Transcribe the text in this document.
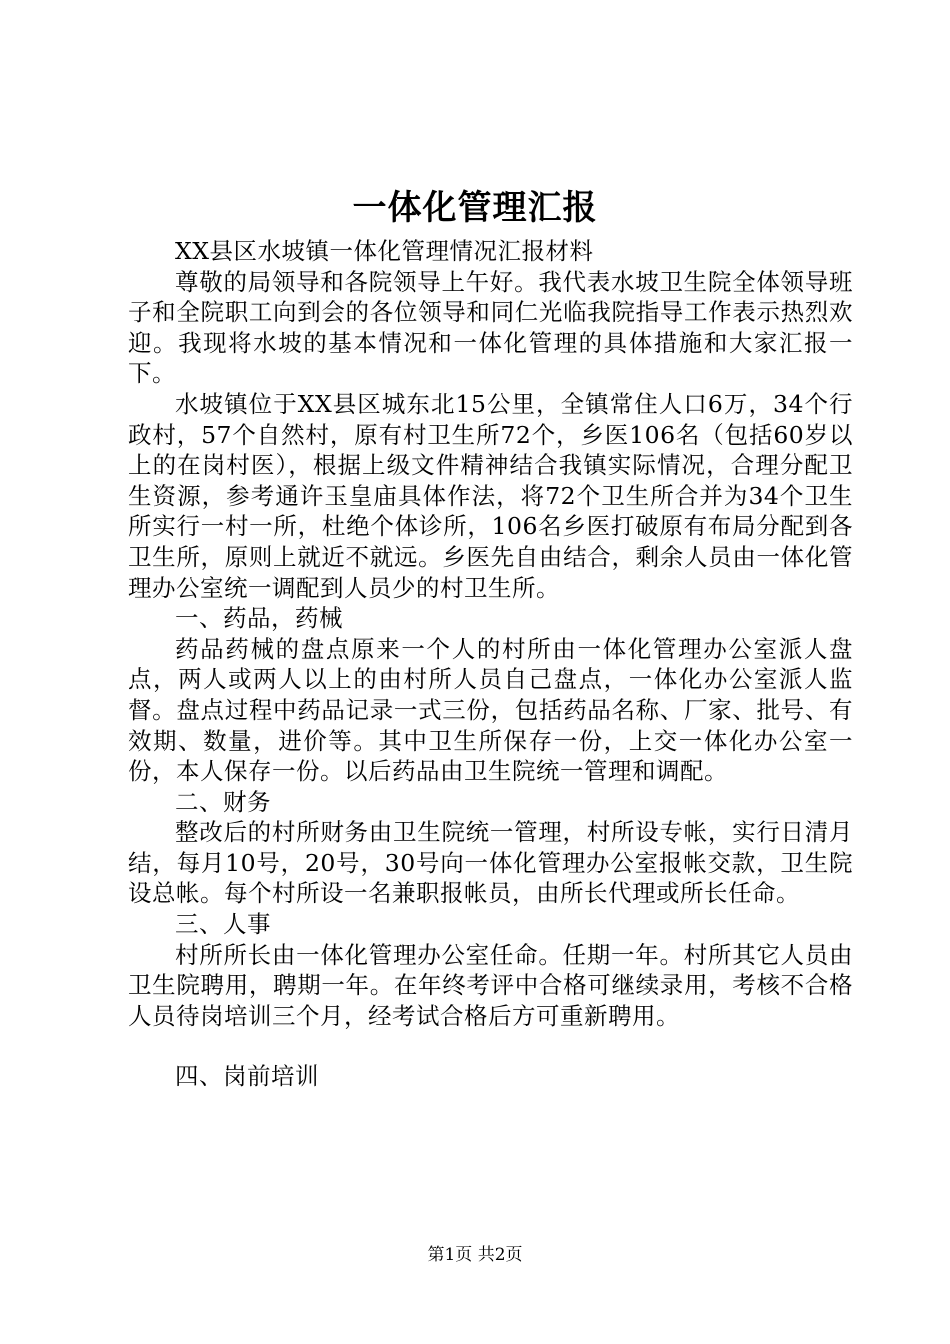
一体化管理汇报

XX县区水坡镇一体化管理情况汇报材料

尊敬的局领导和各院领导上午好。我代表水坡卫生院全体领导班子和全院职工向到会的各位领导和同仁光临我院指导工作表示热烈欢迎。我现将水坡的基本情况和一体化管理的具体措施和大家汇报一下。

水坡镇位于XX县区城东北15公里，全镇常住人口6万，34个行政村，57个自然村，原有村卫生所72个，乡医106名（包括60岁以上的在岗村医），根据上级文件精神结合我镇实际情况，合理分配卫生资源，参考通许玉皇庙具体作法，将72个卫生所合并为34个卫生所实行一村一所，杜绝个体诊所，106名乡医打破原有布局分配到各卫生所，原则上就近不就远。乡医先自由结合，剩余人员由一体化管理办公室统一调配到人员少的村卫生所。

一、药品，药械

药品药械的盘点原来一个人的村所由一体化管理办公室派人盘点，两人或两人以上的由村所人员自己盘点，一体化办公室派人监督。盘点过程中药品记录一式三份，包括药品名称、厂家、批号、有效期、数量，进价等。其中卫生所保存一份，上交一体化办公室一份，本人保存一份。以后药品由卫生院统一管理和调配。

二、财务

整改后的村所财务由卫生院统一管理，村所设专帐，实行日清月结，每月10号，20号，30号向一体化管理办公室报帐交款，卫生院设总帐。每个村所设一名兼职报帐员，由所长代理或所长任命。

三、人事

村所所长由一体化管理办公室任命。任期一年。村所其它人员由卫生院聘用，聘期一年。在年终考评中合格可继续录用，考核不合格人员待岗培训三个月，经考试合格后方可重新聘用。

四、岗前培训

第1页 共2页
